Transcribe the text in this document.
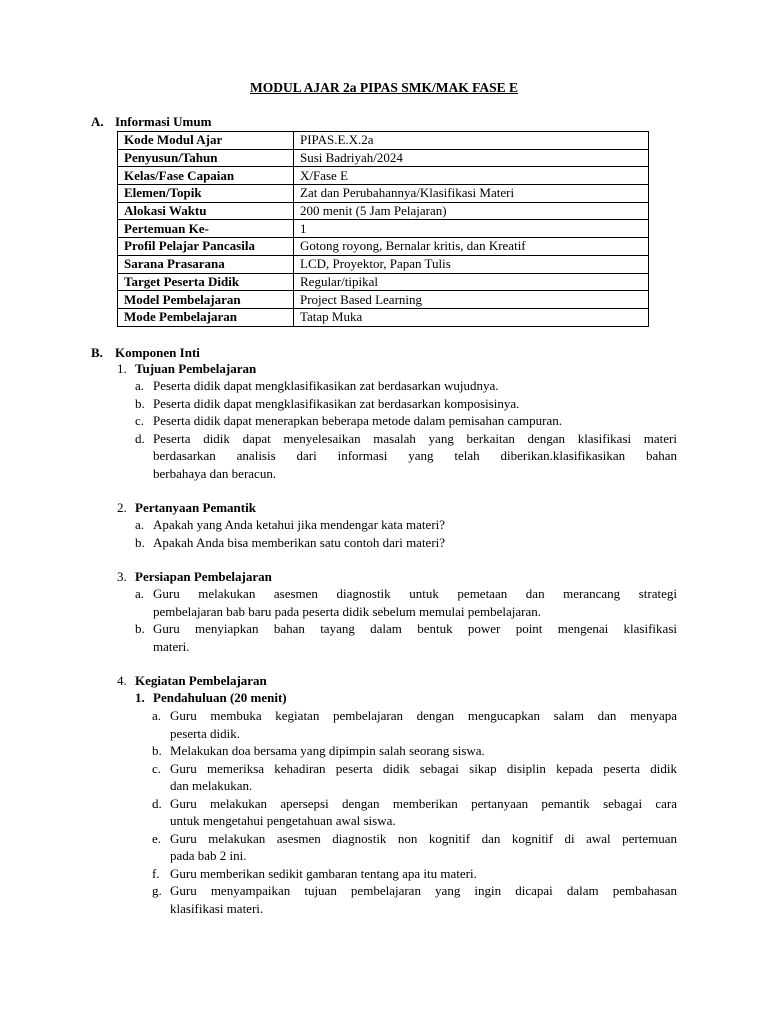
MODUL AJAR 2a PIPAS SMK/MAK FASE E
A. Informasi Umum
Kode Modul Ajar	PIPAS.E.X.2a
Penyusun/Tahun	Susi Badriyah/2024
Kelas/Fase Capaian	X/Fase E
Elemen/Topik	Zat dan Perubahannya/Klasifikasi Materi
Alokasi Waktu	200 menit (5 Jam Pelajaran)
Pertemuan Ke-	1
Profil Pelajar Pancasila	Gotong royong, Bernalar kritis, dan Kreatif
Sarana Prasarana	LCD, Proyektor, Papan Tulis
Target Peserta Didik	Regular/tipikal
Model Pembelajaran	Project Based Learning
Mode Pembelajaran	Tatap Muka
B. Komponen Inti
1. Tujuan Pembelajaran
a. Peserta didik dapat mengklasifikasikan zat berdasarkan wujudnya.
b. Peserta didik dapat mengklasifikasikan zat berdasarkan komposisinya.
c. Peserta didik dapat menerapkan beberapa metode dalam pemisahan campuran.
d. Peserta didik dapat menyelesaikan masalah yang berkaitan dengan klasifikasi materi
berdasarkan analisis dari informasi yang telah diberikan.klasifikasikan bahan
berbahaya dan beracun.
2. Pertanyaan Pemantik
a. Apakah yang Anda ketahui jika mendengar kata materi?
b. Apakah Anda bisa memberikan satu contoh dari materi?
3. Persiapan Pembelajaran
a. Guru melakukan asesmen diagnostik untuk pemetaan dan merancang strategi
pembelajaran bab baru pada peserta didik sebelum memulai pembelajaran.
b. Guru menyiapkan bahan tayang dalam bentuk power point mengenai klasifikasi
materi.
4. Kegiatan Pembelajaran
1. Pendahuluan (20 menit)
a. Guru membuka kegiatan pembelajaran dengan mengucapkan salam dan menyapa
peserta didik.
b. Melakukan doa bersama yang dipimpin salah seorang siswa.
c. Guru memeriksa kehadiran peserta didik sebagai sikap disiplin kepada peserta didik
dan melakukan.
d. Guru melakukan apersepsi dengan memberikan pertanyaan pemantik sebagai cara
untuk mengetahui pengetahuan awal siswa.
e. Guru melakukan asesmen diagnostik non kognitif dan kognitif di awal pertemuan
pada bab 2 ini.
f. Guru memberikan sedikit gambaran tentang apa itu materi.
g. Guru menyampaikan tujuan pembelajaran yang ingin dicapai dalam pembahasan
klasifikasi materi.
